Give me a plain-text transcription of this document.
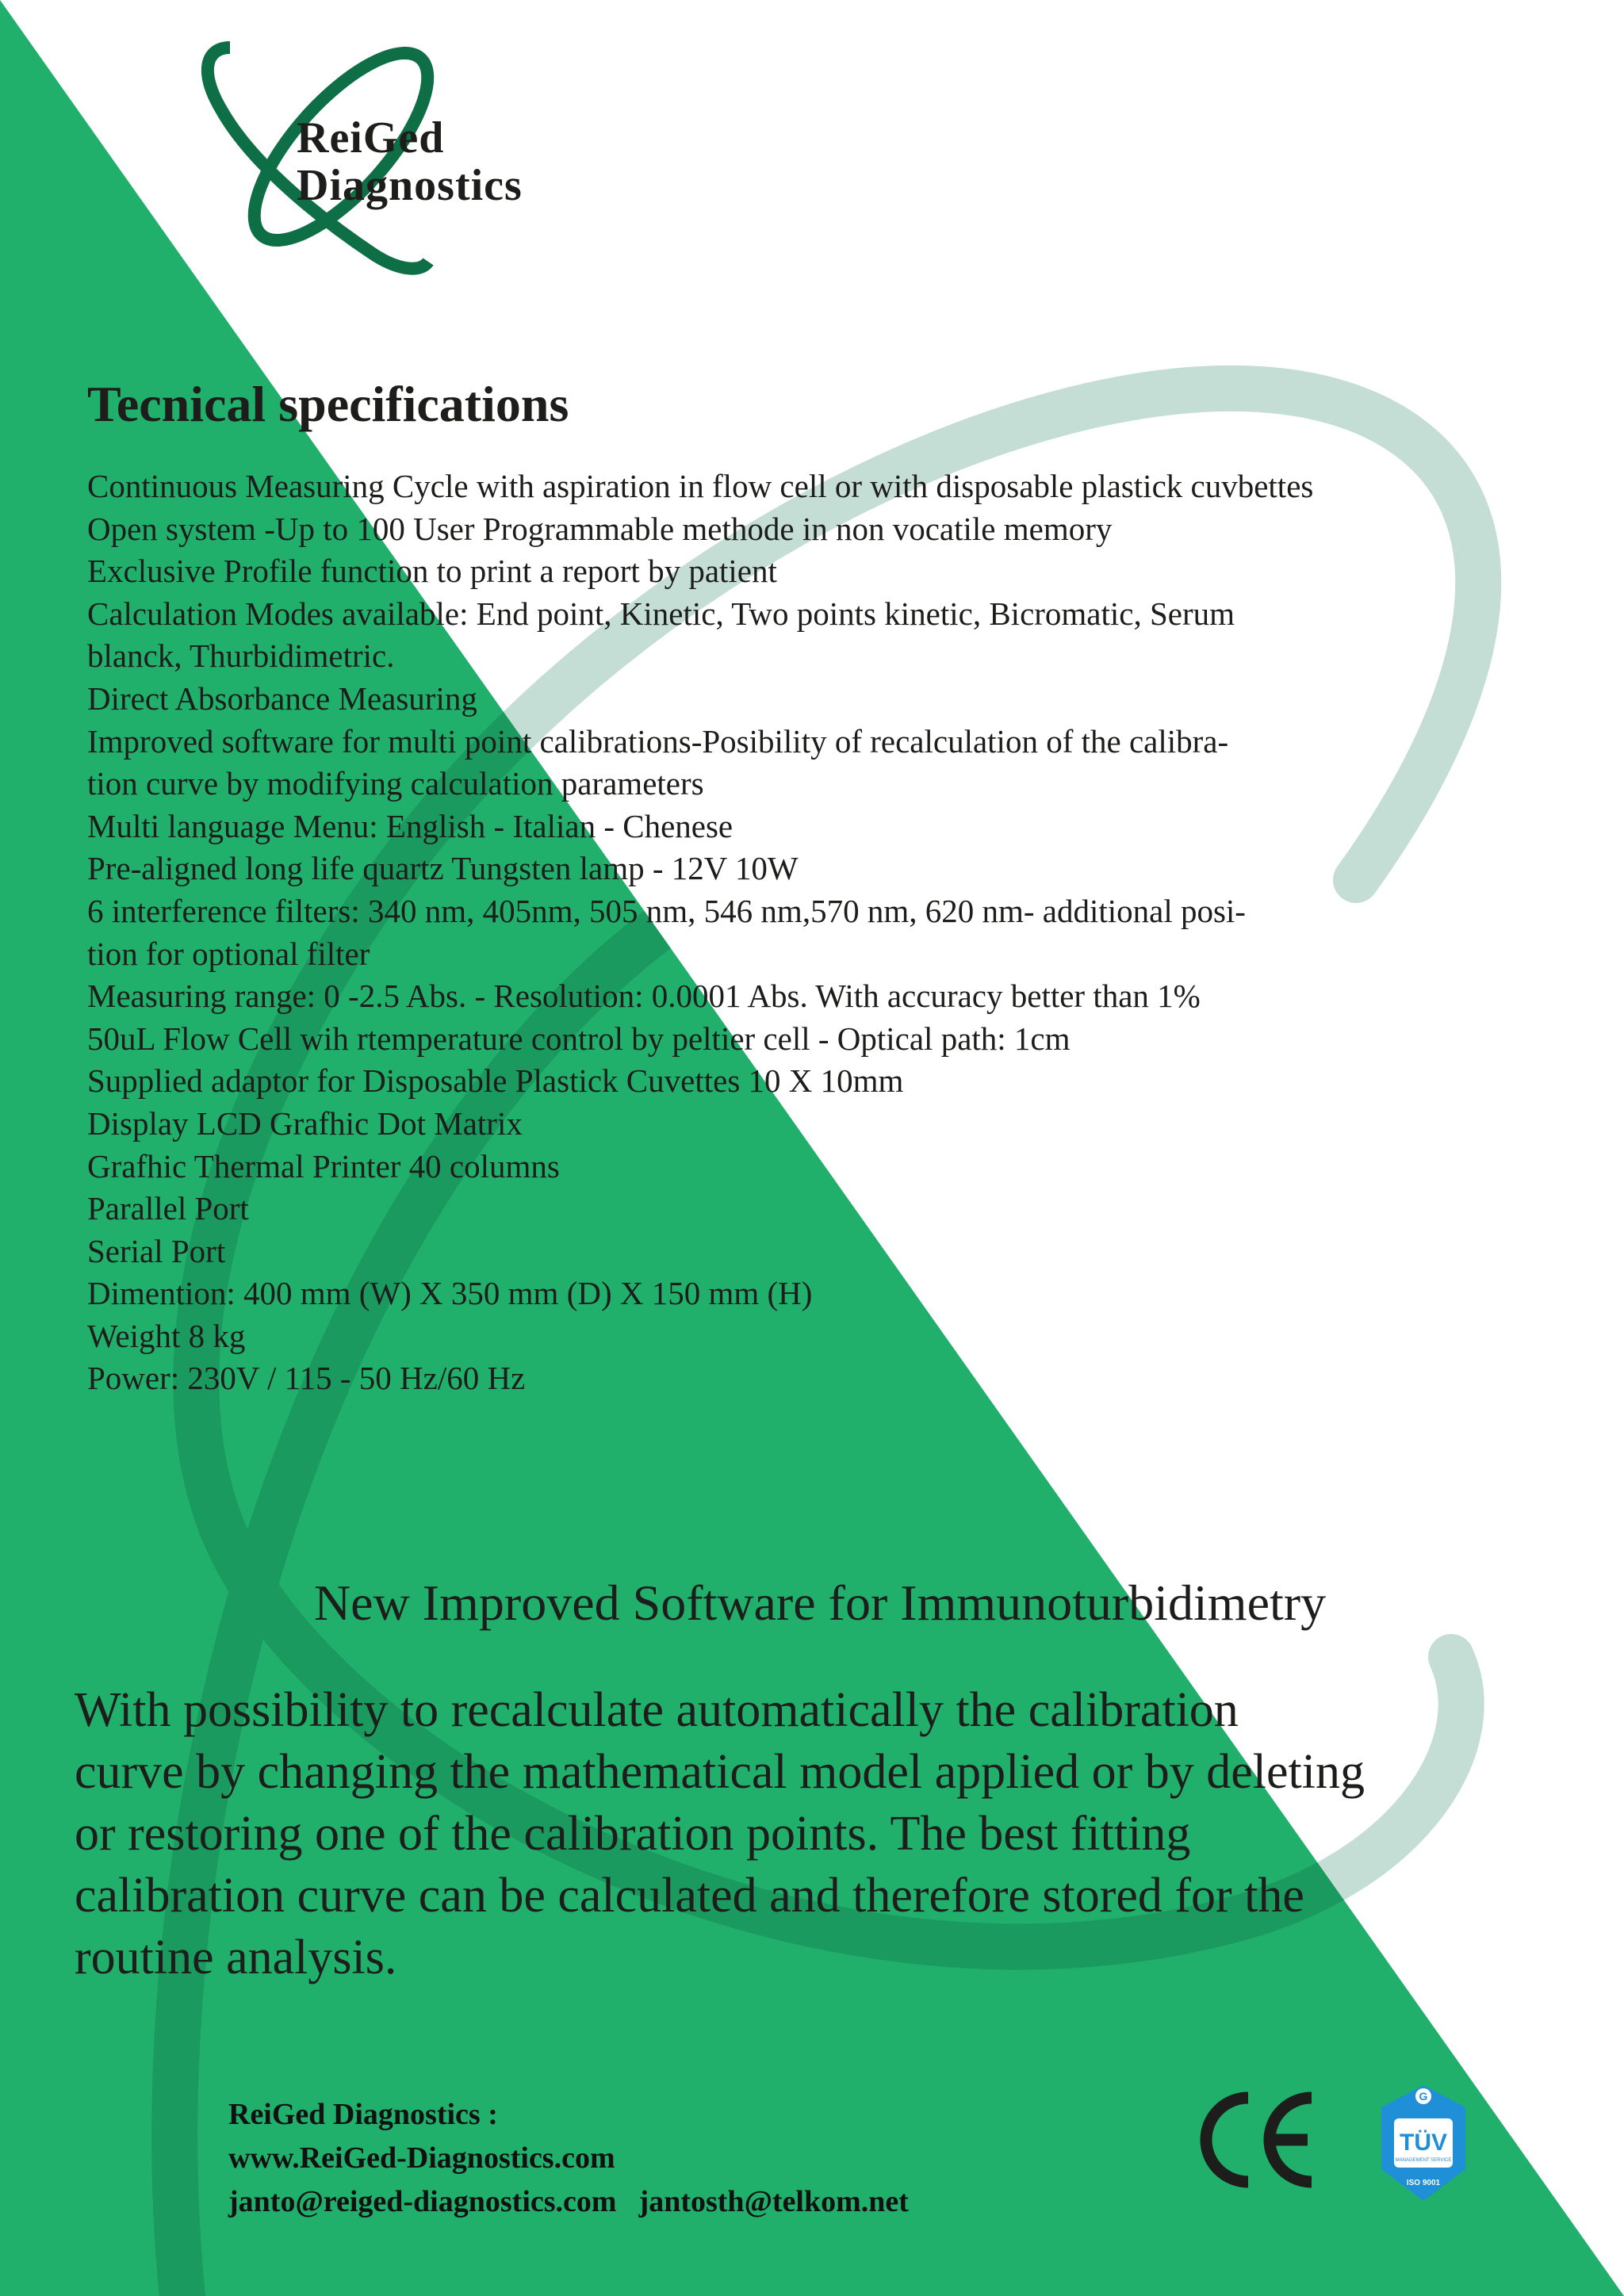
ReiGed
Diagnostics
Tecnical specifications
Continuous Measuring Cycle with aspiration in flow cell or with disposable plastick cuvbettes
Open system -Up to 100 User Programmable methode in non vocatile memory
Exclusive Profile function to print a report by patient
Calculation Modes available: End point, Kinetic, Two points kinetic, Bicromatic, Serum
blanck, Thurbidimetric.
Direct Absorbance Measuring
Improved software for multi point calibrations-Posibility of recalculation of the calibra-
tion curve by modifying calculation parameters
Multi language Menu: English - Italian - Chenese
Pre-aligned long life quartz Tungsten lamp - 12V 10W
6 interference filters: 340 nm, 405nm, 505 nm, 546 nm,570 nm, 620 nm- additional posi-
tion for optional filter
Measuring range: 0 -2.5 Abs. - Resolution: 0.0001 Abs. With accuracy better than 1%
50uL Flow Cell wih rtemperature control by peltier cell - Optical path: 1cm
Supplied adaptor for Disposable Plastick Cuvettes 10 X 10mm
Display LCD Grafhic Dot Matrix
Grafhic Thermal Printer 40 columns
Parallel Port
Serial Port
Dimention: 400 mm (W) X 350 mm (D) X 150 mm (H)
Weight 8 kg
Power: 230V / 115 - 50 Hz/60 Hz
New Improved Software for Immunoturbidimetry
With possibility to recalculate automatically the calibration
curve by changing the mathematical model applied or by deleting
or restoring one of the calibration points. The best fitting
calibration curve can be calculated and therefore stored for the
routine analysis.
ReiGed Diagnostics :
www.ReiGed-Diagnostics.com
janto@reiged-diagnostics.com jantosth@telkom.net
CE
G
TÜV
MANAGEMENT SERVICE
ISO 9001
